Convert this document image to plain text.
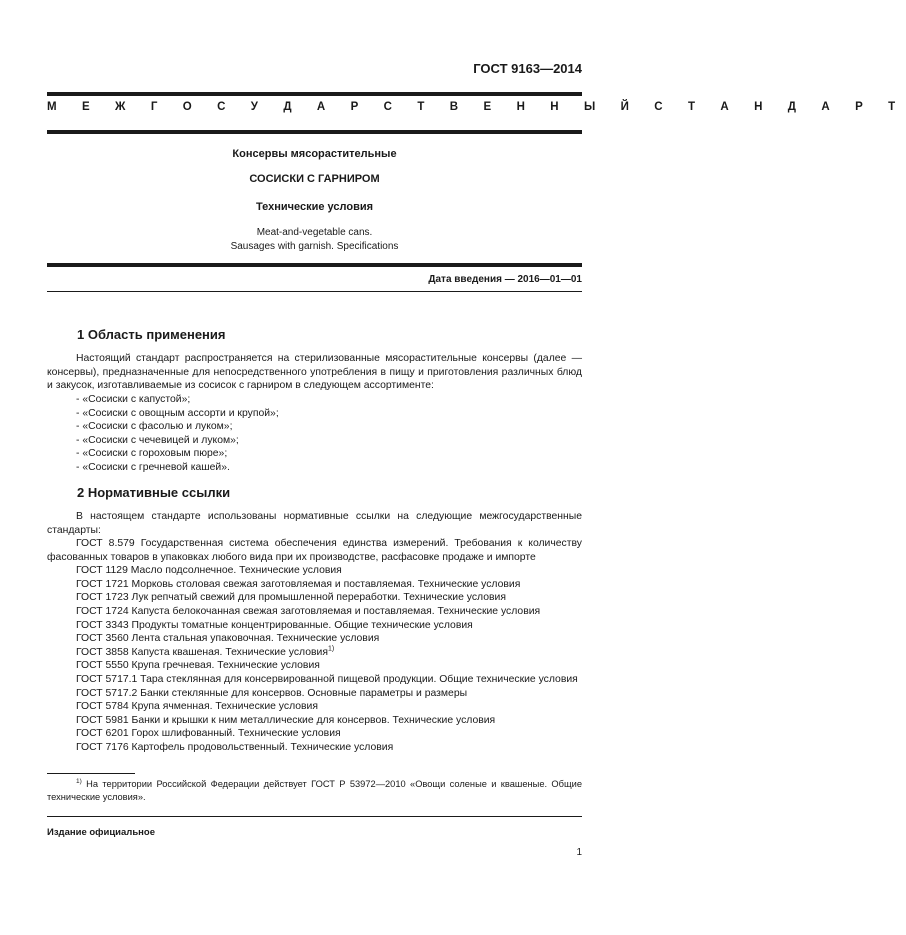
ГОСТ 9163—2014
М Е Ж Г О С У Д А Р С Т В Е Н Н Ы Й С Т А Н Д А Р Т
Консервы мясорастительные
СОСИСКИ С ГАРНИРОМ
Технические условия
Meat-and-vegetable cans.
Sausages with garnish. Specifications
Дата введения — 2016—01—01
1 Область применения
Настоящий стандарт распространяется на стерилизованные мясорастительные консервы (далее — консервы), предназначенные для непосредственного употребления в пищу и приготовления различных блюд и закусок, изготавливаемые из сосисок с гарниром в следующем ассортименте:
- «Сосиски с капустой»;
- «Сосиски с овощным ассорти и крупой»;
- «Сосиски с фасолью и луком»;
- «Сосиски с чечевицей и луком»;
- «Сосиски с гороховым пюре»;
- «Сосиски с гречневой кашей».
2 Нормативные ссылки
В настоящем стандарте использованы нормативные ссылки на следующие межгосударственные стандарты:
ГОСТ 8.579 Государственная система обеспечения единства измерений. Требования к количеству фасованных товаров в упаковках любого вида при их производстве, расфасовке продаже и импорте
ГОСТ 1129 Масло подсолнечное. Технические условия
ГОСТ 1721 Морковь столовая свежая заготовляемая и поставляемая. Технические условия
ГОСТ 1723 Лук репчатый свежий для промышленной переработки. Технические условия
ГОСТ 1724 Капуста белокочанная свежая заготовляемая и поставляемая. Технические условия
ГОСТ 3343 Продукты томатные концентрированные. Общие технические условия
ГОСТ 3560 Лента стальная упаковочная. Технические условия
ГОСТ 3858 Капуста квашеная. Технические условия$^{1)}$
ГОСТ 5550 Крупа гречневая. Технические условия
ГОСТ 5717.1 Тара стеклянная для консервированной пищевой продукции. Общие технические условия
ГОСТ 5717.2 Банки стеклянные для консервов. Основные параметры и размеры
ГОСТ 5784 Крупа ячменная. Технические условия
ГОСТ 5981 Банки и крышки к ним металлические для консервов. Технические условия
ГОСТ 6201 Горох шлифованный. Технические условия
ГОСТ 7176 Картофель продовольственный. Технические условия
$^{1)}$ На территории Российской Федерации действует ГОСТ Р 53972—2010 «Овощи соленые и квашеные. Общие технические условия».
Издание официальное
1
